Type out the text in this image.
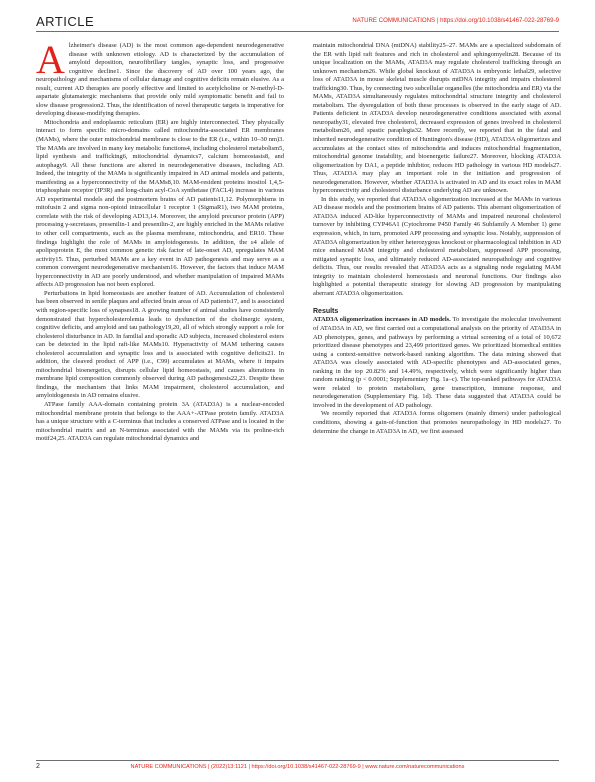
ARTICLE	NATURE COMMUNICATIONS | https://doi.org/10.1038/s41467-022-28769-9

Alzheimer's disease (AD) is the most common age-dependent neurodegenerative disease with unknown etiology. AD is characterized by the accumulation of amyloid deposition, neurofibrillary tangles, synaptic loss, and progressive cognitive decline1. Since the discovery of AD over 100 years ago, the neuropathology and mechanisms of cellular damage and cognitive deficits remain elusive. As a result, current AD therapies are poorly effective and limited to acetylcholine or N-methyl-D-aspartate glutamatergic mechanisms that provide only mild symptomatic benefit and fail to slow disease progression2. Thus, the identification of novel therapeutic targets is imperative for developing disease-modifying therapies.

Mitochondria and endoplasmic reticulum (ER) are highly interconnected. They physically interact to form specific micro-domains called mitochondria-associated ER membranes (MAMs), where the outer mitochondrial membrane is close to the ER (i.e., within 10–30 nm)3. The MAMs are involved in many key metabolic functions4, including cholesterol metabolism5, lipid synthesis and trafficking6, mitochondrial dynamics7, calcium homeostasis8, and autophagy9. All these functions are altered in neurodegenerative diseases, including AD. Indeed, the integrity of the MAMs is significantly impaired in AD animal models and patients, manifesting as a hyperconnectivity of the MAMs8,10. MAM-resident proteins inositol 1,4,5-trisphosphate receptor (IP3R) and long-chain acyl-CoA synthetase (FACL4) increase in various AD experimental models and the postmortem brains of AD patients11,12. Polymorphisms in mitofusin 2 and sigma non-opioid intracellular 1 receptor 1 (SigmaR1), two MAM proteins, correlate with the risk of developing AD13,14. Moreover, the amyloid precursor protein (APP) processing γ-secretases, presenilin-1 and presenilin-2, are highly enriched in the MAMs relative to other cell compartments, such as the plasma membrane, mitochondria, and ER10. These findings highlight the role of MAMs in amyloidogenesis. In addition, the ε4 allele of apolipoprotein E, the most common genetic risk factor of late-onset AD, upregulates MAM activity15. Thus, perturbed MAMs are a key event in AD pathogenesis and may serve as a common convergent neurodegenerative mechanism16. However, the factors that induce MAM hyperconnectivity in AD are poorly understood, and whether manipulation of impaired MAMs affects AD progression has not been explored.

Perturbations in lipid homeostasis are another feature of AD. Accumulation of cholesterol has been observed in senile plaques and affected brain areas of AD patients17, and is associated with region-specific loss of synapses18. A growing number of animal studies have consistently demonstrated that hypercholesterolemia leads to dysfunction of the cholinergic system, cognitive deficits, and amyloid and tau pathology19,20, all of which strongly support a role for cholesterol disturbance in AD. In familial and sporadic AD subjects, increased cholesterol esters can be detected in the lipid raft-like MAMs10. Hyperactivity of MAM tethering causes cholesterol accumulation and synaptic loss and is associated with cognitive deficits21. In addition, the cleaved product of APP (i.e., C99) accumulates at MAMs, where it impairs mitochondrial bioenergetics, disrupts cellular lipid homeostasis, and causes alterations in membrane lipid composition commonly observed during AD pathogenesis22,23. Despite these findings, the mechanism that links MAM impairment, cholesterol accumulation, and amyloidogenesis in AD remains elusive.

ATPase family AAA-domain containing protein 3A (ATAD3A) is a nuclear-encoded mitochondrial membrane protein that belongs to the AAA+-ATPase protein family. ATAD3A has a unique structure with a C-terminus that includes a conserved ATPase and is located in the mitochondrial matrix and an N-terminus associated with the MAMs via its proline-rich motif24,25. ATAD3A can regulate mitochondrial dynamics and

maintain mitochondrial DNA (mtDNA) stability25–27. MAMs are a specialized subdomain of the ER with lipid raft features and rich in cholesterol and sphingomyelin28. Because of its unique localization on the MAMs, ATAD3A may regulate cholesterol trafficking through an unknown mechanism26. While global knockout of ATAD3A is embryonic lethal29, selective loss of ATAD3A in mouse skeletal muscle disrupts mtDNA integrity and impairs cholesterol trafficking30. Thus, by connecting two subcellular organelles (the mitochondria and ER) via the MAMs, ATAD3A simultaneously regulates mitochondrial structure integrity and cholesterol metabolism. The dysregulation of both these processes is observed in the early stage of AD. Patients deficient in ATAD3A develop neurodegenerative conditions associated with axonal neuropathy31, elevated free cholesterol, decreased expression of genes involved in cholesterol metabolism26, and spastic paraplegia32. More recently, we reported that in the fatal and inherited neurodegenerative condition of Huntington's disease (HD), ATAD3A oligomerizes and accumulates at the contact sites of mitochondria and induces mitochondrial fragmentation, mitochondrial genome instability, and bioenergetic failure27. Moreover, blocking ATAD3A oligomerization by DA1, a peptide inhibitor, reduces HD pathology in various HD models27. Thus, ATAD3A may play an important role in the initiation and progression of neurodegeneration. However, whether ATAD3A is activated in AD and its exact roles in MAM hyperconnectivity and cholesterol disturbance underlying AD are unknown.

In this study, we reported that ATAD3A oligomerization increased at the MAMs in various AD disease models and the postmortem brains of AD patients. This aberrant oligomerization of ATAD3A induced AD-like hyperconnectivity of MAMs and impaired neuronal cholesterol turnover by inhibiting CYP46A1 (Cytochrome P450 Family 46 Subfamily A Member 1) gene expression, which, in turn, promoted APP processing and synaptic loss. Notably, suppression of ATAD3A oligomerization by either heterozygous knockout or pharmacological inhibition in AD mice enhanced MAM integrity and cholesterol metabolism, suppressed APP processing, mitigated synaptic loss, and ultimately reduced AD-associated neuropathology and cognitive deficits. Thus, our results revealed that ATAD3A acts as a signaling node regulating MAM integrity to maintain cholesterol homeostasis and neuronal functions. Our findings also highlighted a potential therapeutic strategy for slowing AD progression by manipulating aberrant ATAD3A oligomerization.

Results

ATAD3A oligomerization increases in AD models. To investigate the molecular involvement of ATAD3A in AD, we first carried out a computational analysis on the priority of ATAD3A in AD phenotypes, genes, and pathways by performing a virtual screening of a total of 10,672 prioritized disease phenotypes and 23,499 prioritized genes. We prioritized biomedical entities using a context-sensitive network-based ranking algorithm. The data mining showed that ATAD3A was closely associated with AD-specific phenotypes and AD-associated genes, ranking in the top 20.82% and 14.49%, respectively, which were significantly higher than random ranking (p < 0.0001; Supplementary Fig. 1a–c). The top-ranked pathways for ATAD3A were related to protein metabolism, gene transcription, immune response, and neurodegeneration (Supplementary Fig. 1d). These data suggested that ATAD3A could be involved in the development of AD pathology.

We recently reported that ATAD3A forms oligomers (mainly dimers) under pathological conditions, showing a gain-of-function that promotes neuropathology in HD models27. To determine the change in ATAD3A in AD, we first assessed

2	NATURE COMMUNICATIONS | (2022)13:1121 | https://doi.org/10.1038/s41467-022-28769-9 | www.nature.com/naturecommunications
